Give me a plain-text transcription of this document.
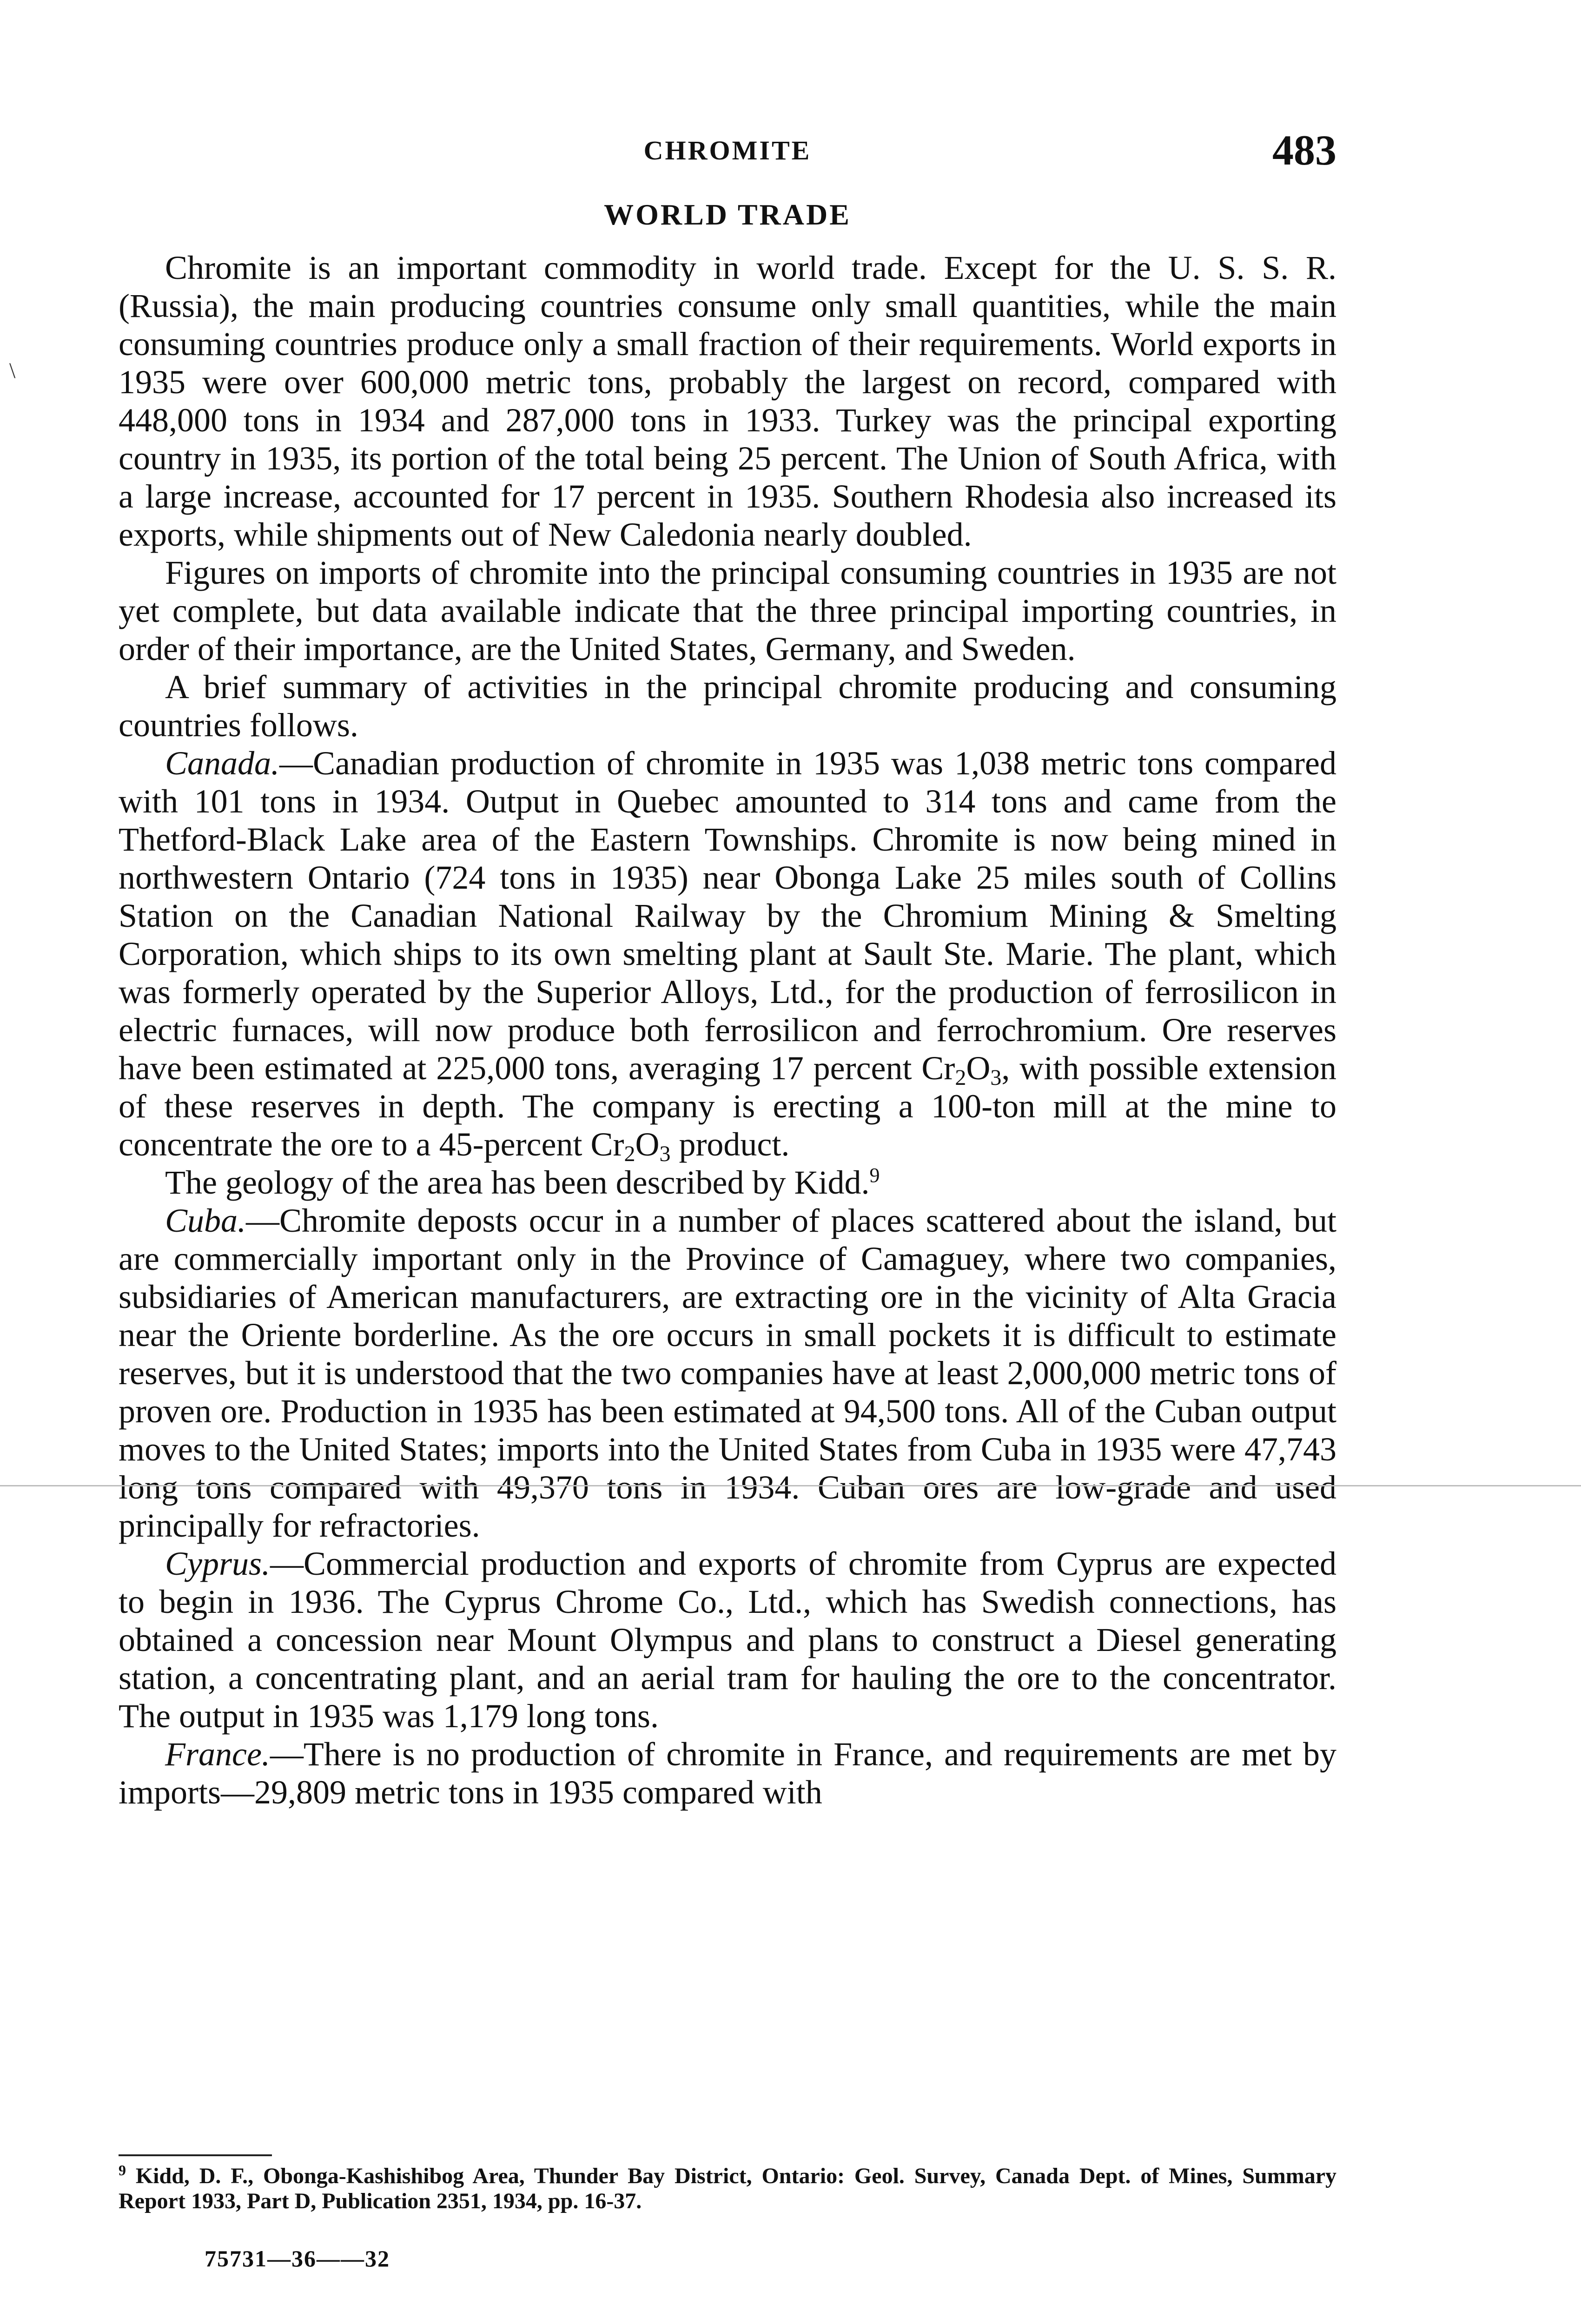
\
CHROMITE	483
WORLD TRADE

Chromite is an important commodity in world trade. Except for the U. S. S. R. (Russia), the main producing countries consume only small quantities, while the main consuming countries produce only a small fraction of their requirements. World exports in 1935 were over 600,000 metric tons, probably the largest on record, compared with 448,000 tons in 1934 and 287,000 tons in 1933. Turkey was the principal exporting country in 1935, its portion of the total being 25 percent. The Union of South Africa, with a large increase, accounted for 17 percent in 1935. Southern Rhodesia also increased its exports, while shipments out of New Caledonia nearly doubled.

Figures on imports of chromite into the principal consuming countries in 1935 are not yet complete, but data available indicate that the three principal importing countries, in order of their importance, are the United States, Germany, and Sweden.

A brief summary of activities in the principal chromite producing and consuming countries follows.

Canada.—Canadian production of chromite in 1935 was 1,038 metric tons compared with 101 tons in 1934. Output in Quebec amounted to 314 tons and came from the Thetford-Black Lake area of the Eastern Townships. Chromite is now being mined in northwestern Ontario (724 tons in 1935) near Obonga Lake 25 miles south of Collins Station on the Canadian National Railway by the Chromium Mining & Smelting Corporation, which ships to its own smelting plant at Sault Ste. Marie. The plant, which was formerly operated by the Superior Alloys, Ltd., for the production of ferrosilicon in electric furnaces, will now produce both ferrosilicon and ferrochromium. Ore reserves have been estimated at 225,000 tons, averaging 17 percent $Cr_2O_3$, with possible extension of these reserves in depth. The company is erecting a 100-ton mill at the mine to concentrate the ore to a 45-percent $Cr_2O_3$ product.

The geology of the area has been described by Kidd.$^9$

Cuba.—Chromite deposts occur in a number of places scattered about the island, but are commercially important only in the Province of Camaguey, where two companies, subsidiaries of American manufacturers, are extracting ore in the vicinity of Alta Gracia near the Oriente borderline. As the ore occurs in small pockets it is difficult to estimate reserves, but it is understood that the two companies have at least 2,000,000 metric tons of proven ore. Production in 1935 has been estimated at 94,500 tons. All of the Cuban output moves to the United States; imports into the United States from Cuba in 1935 were 47,743 long tons compared with 49,370 tons in 1934. Cuban ores are low-grade and used principally for refractories.

Cyprus.—Commercial production and exports of chromite from Cyprus are expected to begin in 1936. The Cyprus Chrome Co., Ltd., which has Swedish connections, has obtained a concession near Mount Olympus and plans to construct a Diesel generating station, a concentrating plant, and an aerial tram for hauling the ore to the concentrator. The output in 1935 was 1,179 long tons.

France.—There is no production of chromite in France, and requirements are met by imports—29,809 metric tons in 1935 compared with

$^9$ Kidd, D. F., Obonga-Kashishibog Area, Thunder Bay District, Ontario: Geol. Survey, Canada Dept. of Mines, Summary Report 1933, Part D, Publication 2351, 1934, pp. 16-37.
75731—36——32
